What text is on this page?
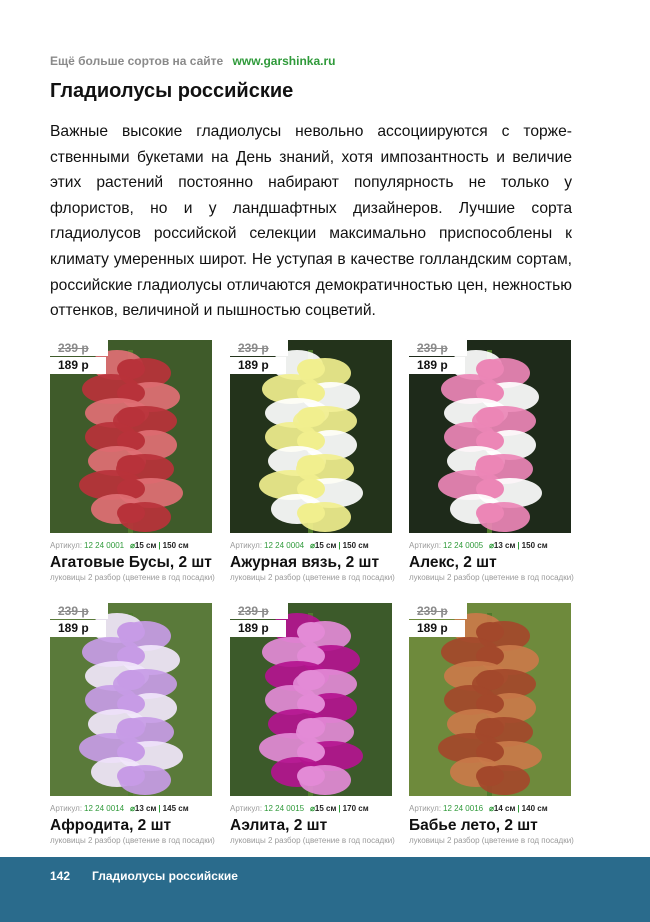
Ещё больше сортов на сайте www.garshinka.ru
Гладиолусы российские

Важные высокие гладиолусы невольно ассоциируются с торжественными букетами на День знаний, хотя импозантность и величие этих растений постоянно набирают популярность не только у флористов, но и у ландшафтных дизайнеров. Лучшие сорта гладиолусов российской селекции максимально приспособлены к климату умеренных широт. Не уступая в качестве голландским сортам, российские гладиолусы отличаются демократичностью цен, нежностью оттенков, величиной и пышностью соцветий.

239 р
189 р
Артикул: 12 24 0001 ⌀15 см | 150 см
Агатовые Бусы, 2 шт
луковицы 2 разбор (цветение в год посадки)
239 р
189 р
Артикул: 12 24 0004 ⌀15 см | 150 см
Ажурная вязь, 2 шт
луковицы 2 разбор (цветение в год посадки)
239 р
189 р
Артикул: 12 24 0005 ⌀13 см | 150 см
Алекс, 2 шт
луковицы 2 разбор (цветение в год посадки)
239 р
189 р
Артикул: 12 24 0014 ⌀13 см | 145 см
Афродита, 2 шт
луковицы 2 разбор (цветение в год посадки)
239 р
189 р
Артикул: 12 24 0015 ⌀15 см | 170 см
Аэлита, 2 шт
луковицы 2 разбор (цветение в год посадки)
239 р
189 р
Артикул: 12 24 0016 ⌀14 см | 140 см
Бабье лето, 2 шт
луковицы 2 разбор (цветение в год посадки)
142 Гладиолусы российские
